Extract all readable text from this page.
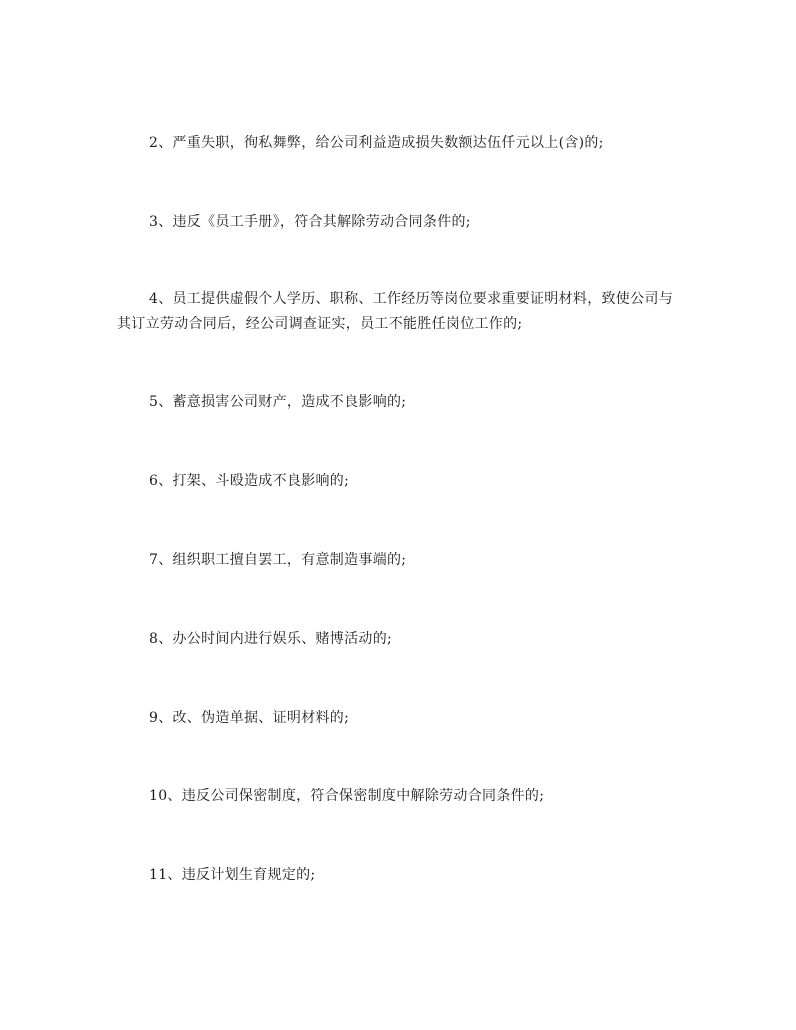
2、严重失职，徇私舞弊，给公司利益造成损失数额达伍仟元以上(含)的;

3、违反《员工手册》，符合其解除劳动合同条件的;

4、员工提供虚假个人学历、职称、工作经历等岗位要求重要证明材料，致使公司与其订立劳动合同后，经公司调查证实，员工不能胜任岗位工作的;

5、蓄意损害公司财产，造成不良影响的;

6、打架、斗殴造成不良影响的;

7、组织职工擅自罢工，有意制造事端的;

8、办公时间内进行娱乐、赌博活动的;

9、改、伪造单据、证明材料的;

10、违反公司保密制度，符合保密制度中解除劳动合同条件的;

11、违反计划生育规定的;
